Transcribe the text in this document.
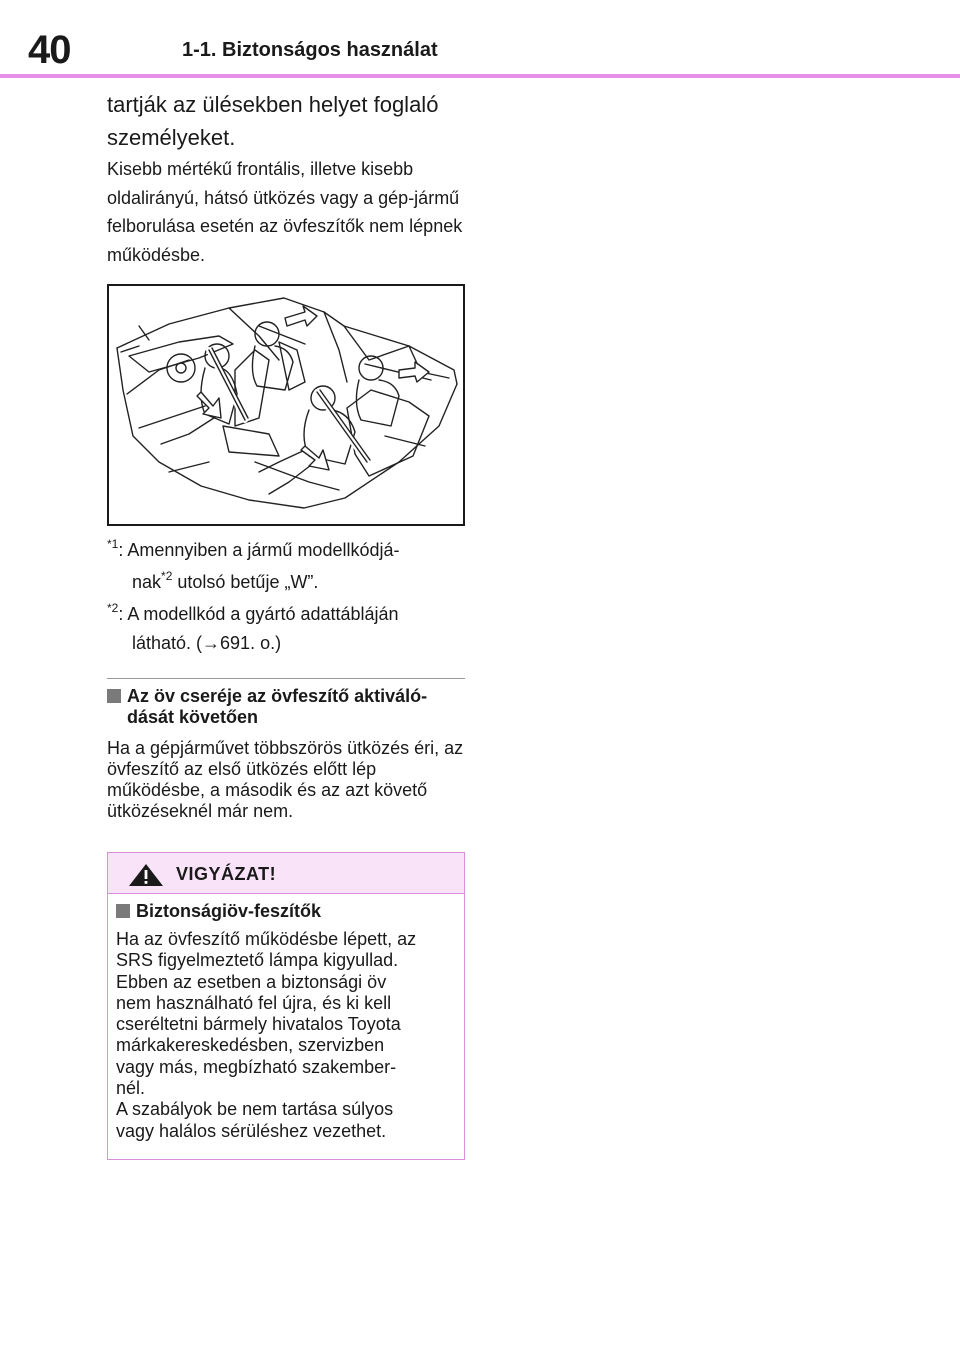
40	1-1. Biztonságos használat

tartják az ülésekben helyet foglaló személyeket.

Kisebb mértékű frontális, illetve kisebb oldalirányú, hátsó ütközés vagy a gép-jármű felborulása esetén az övfeszítők nem lépnek működésbe.

$^{*1}$: Amennyiben a jármű modellkódjá-
nak$^{*2}$ utolsó betűje „W”.
$^{*2}$: A modellkód a gyártó adattábláján
látható. (→691. o.)
Az öv cseréje az övfeszítő aktiváló-
dását követően

Ha a gépjárművet többszörös ütközés éri, az övfeszítő az első ütközés előtt lép működésbe, a második és az azt követő ütközéseknél már nem.

VIGYÁZAT!
Biztonságiöv-feszítők

Ha az övfeszítő működésbe lépett, az
SRS figyelmeztető lámpa kigyullad.
Ebben az esetben a biztonsági öv
nem használható fel újra, és ki kell
cseréltetni bármely hivatalos Toyota
márkakereskedésben, szervizben
vagy más, megbízható szakember-
nél.
A szabályok be nem tartása súlyos
vagy halálos sérüléshez vezethet.
